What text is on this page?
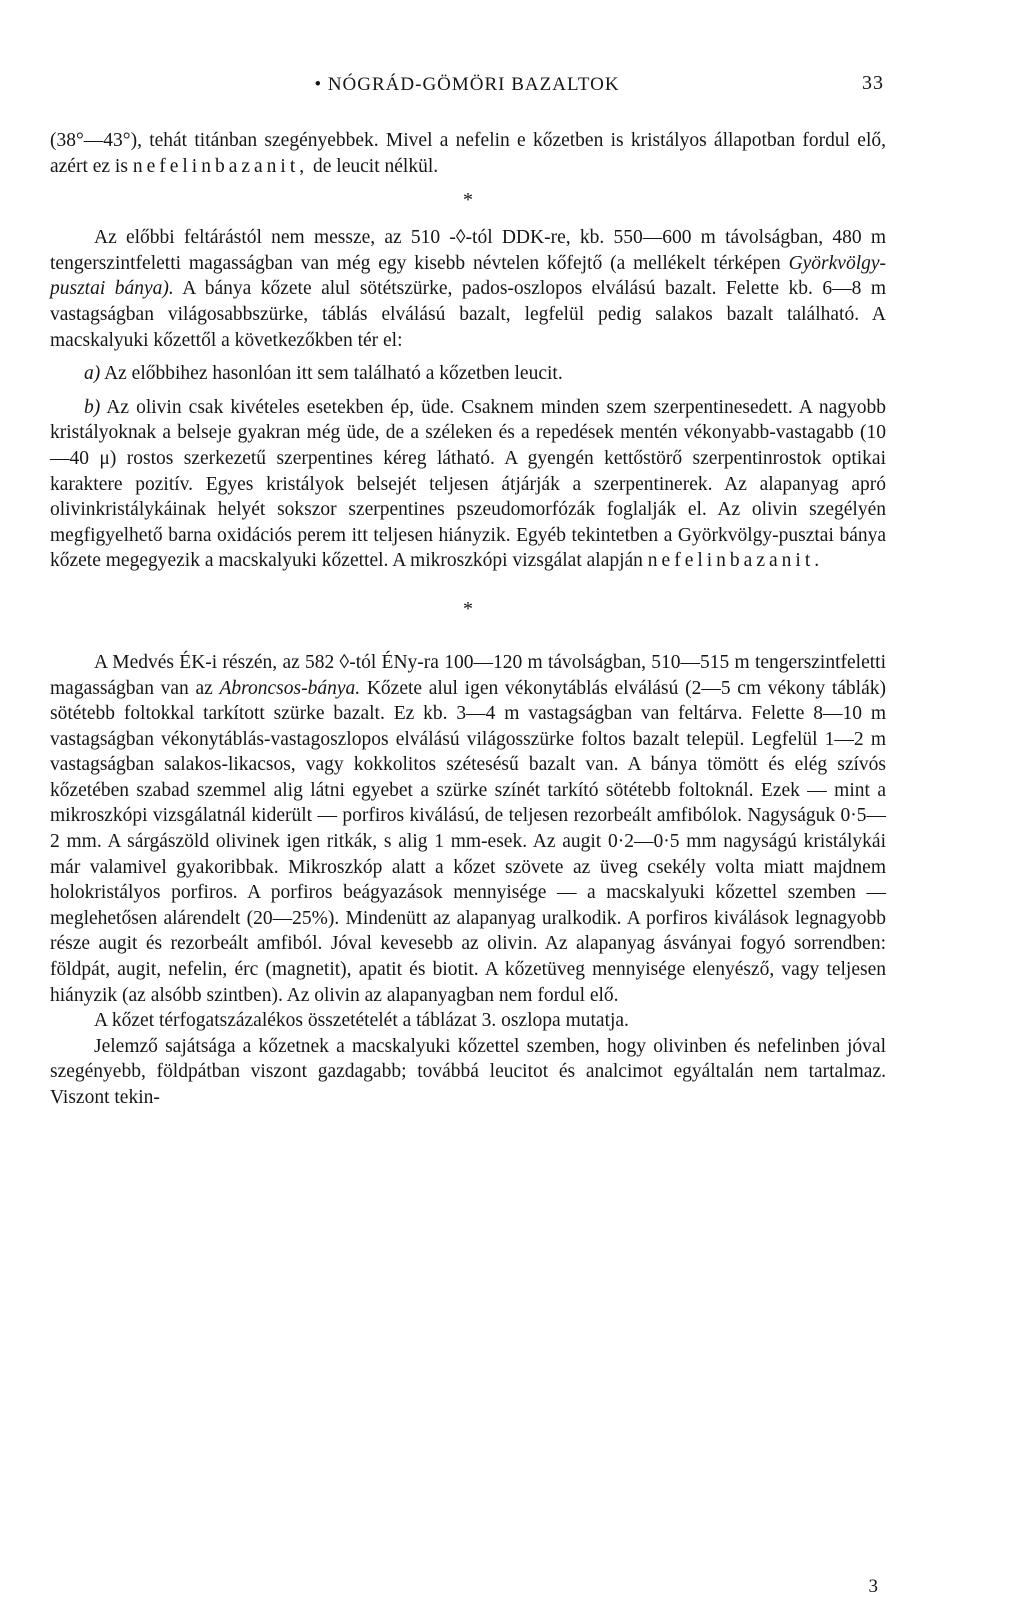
• NÓGRÁD-GÖMÖRI BAZALTOK	33

(38°—43°), tehát titánban szegényebbek. Mivel a nefelin e kőzetben is kristályos állapotban fordul elő, azért ez is nefelinbazanit, de leucit nélkül.

*

Az előbbi feltárástól nem messze, az 510 -◊-tól DDK-re, kb. 550—600 m távolságban, 480 m tengerszintfeletti magasságban van még egy kisebb névtelen kőfejtő (a mellékelt térképen Györkvölgy-pusztai bánya). A bánya kőzete alul sötétszürke, pados-oszlopos elválású bazalt. Felette kb. 6—8 m vastagságban világosabbszürke, táblás elválású bazalt, legfelül pedig salakos bazalt található. A macskalyuki kőzettől a következőkben tér el:

a) Az előbbihez hasonlóan itt sem található a kőzetben leucit.

b) Az olivin csak kivételes esetekben ép, üde. Csaknem minden szem szerpentinesedett. A nagyobb kristályoknak a belseje gyakran még üde, de a széleken és a repedések mentén vékonyabb-vastagabb (10—40 μ) rostos szerkezetű szerpentines kéreg látható. A gyengén kettőstörő szerpentinrostok optikai karaktere pozitív. Egyes kristályok belsejét teljesen átjárják a szerpentinerek. Az alapanyag apró olivinkristálykáinak helyét sokszor szerpentines pszeudomorfózák foglalják el. Az olivin szegélyén megfigyelhető barna oxidációs perem itt teljesen hiányzik. Egyéb tekintetben a Györkvölgy-pusztai bánya kőzete megegyezik a macskalyuki kőzettel. A mikroszkópi vizsgálat alapján nefelinbazanit.

*

A Medvés ÉK-i részén, az 582 ◊-tól ÉNy-ra 100—120 m távolságban, 510—515 m tengerszintfeletti magasságban van az Abroncsos-bánya. Kőzete alul igen vékonytáblás elválású (2—5 cm vékony táblák) sötétebb foltokkal tarkított szürke bazalt. Ez kb. 3—4 m vastagságban van feltárva. Felette 8—10 m vastagságban vékonytáblás-vastagoszlopos elválású világosszürke foltos bazalt települ. Legfelül 1—2 m vastagságban salakos-likacsos, vagy kokkolitos szétesésű bazalt van. A bánya tömött és elég szívós kőzetében szabad szemmel alig látni egyebet a szürke színét tarkító sötétebb foltoknál. Ezek — mint a mikroszkópi vizsgálatnál kiderült — porfiros kiválású, de teljesen rezorbeált amfibólok. Nagyságuk 0·5—2 mm. A sárgászöld olivinek igen ritkák, s alig 1 mm-esek. Az augit 0·2—0·5 mm nagyságú kristálykái már valamivel gyakoribbak. Mikroszkóp alatt a kőzet szövete az üveg csekély volta miatt majdnem holokristályos porfiros. A porfiros beágyazások mennyisége — a macskalyuki kőzettel szemben — meglehetősen alárendelt (20—25%). Mindenütt az alapanyag uralkodik. A porfiros kiválások legnagyobb része augit és rezorbeált amfiból. Jóval kevesebb az olivin. Az alapanyag ásványai fogyó sorrendben: földpát, augit, nefelin, érc (magnetit), apatit és biotit. A kőzetüveg mennyisége elenyésző, vagy teljesen hiányzik (az alsóbb szintben). Az olivin az alapanyagban nem fordul elő.

A kőzet térfogatszázalékos összetételét a táblázat 3. oszlopa mutatja.

Jelemző sajátsága a kőzetnek a macskalyuki kőzettel szemben, hogy olivinben és nefelinben jóval szegényebb, földpátban viszont gazdagabb; továbbá leucitot és analcimot egyáltalán nem tartalmaz. Viszont tekin-

3
